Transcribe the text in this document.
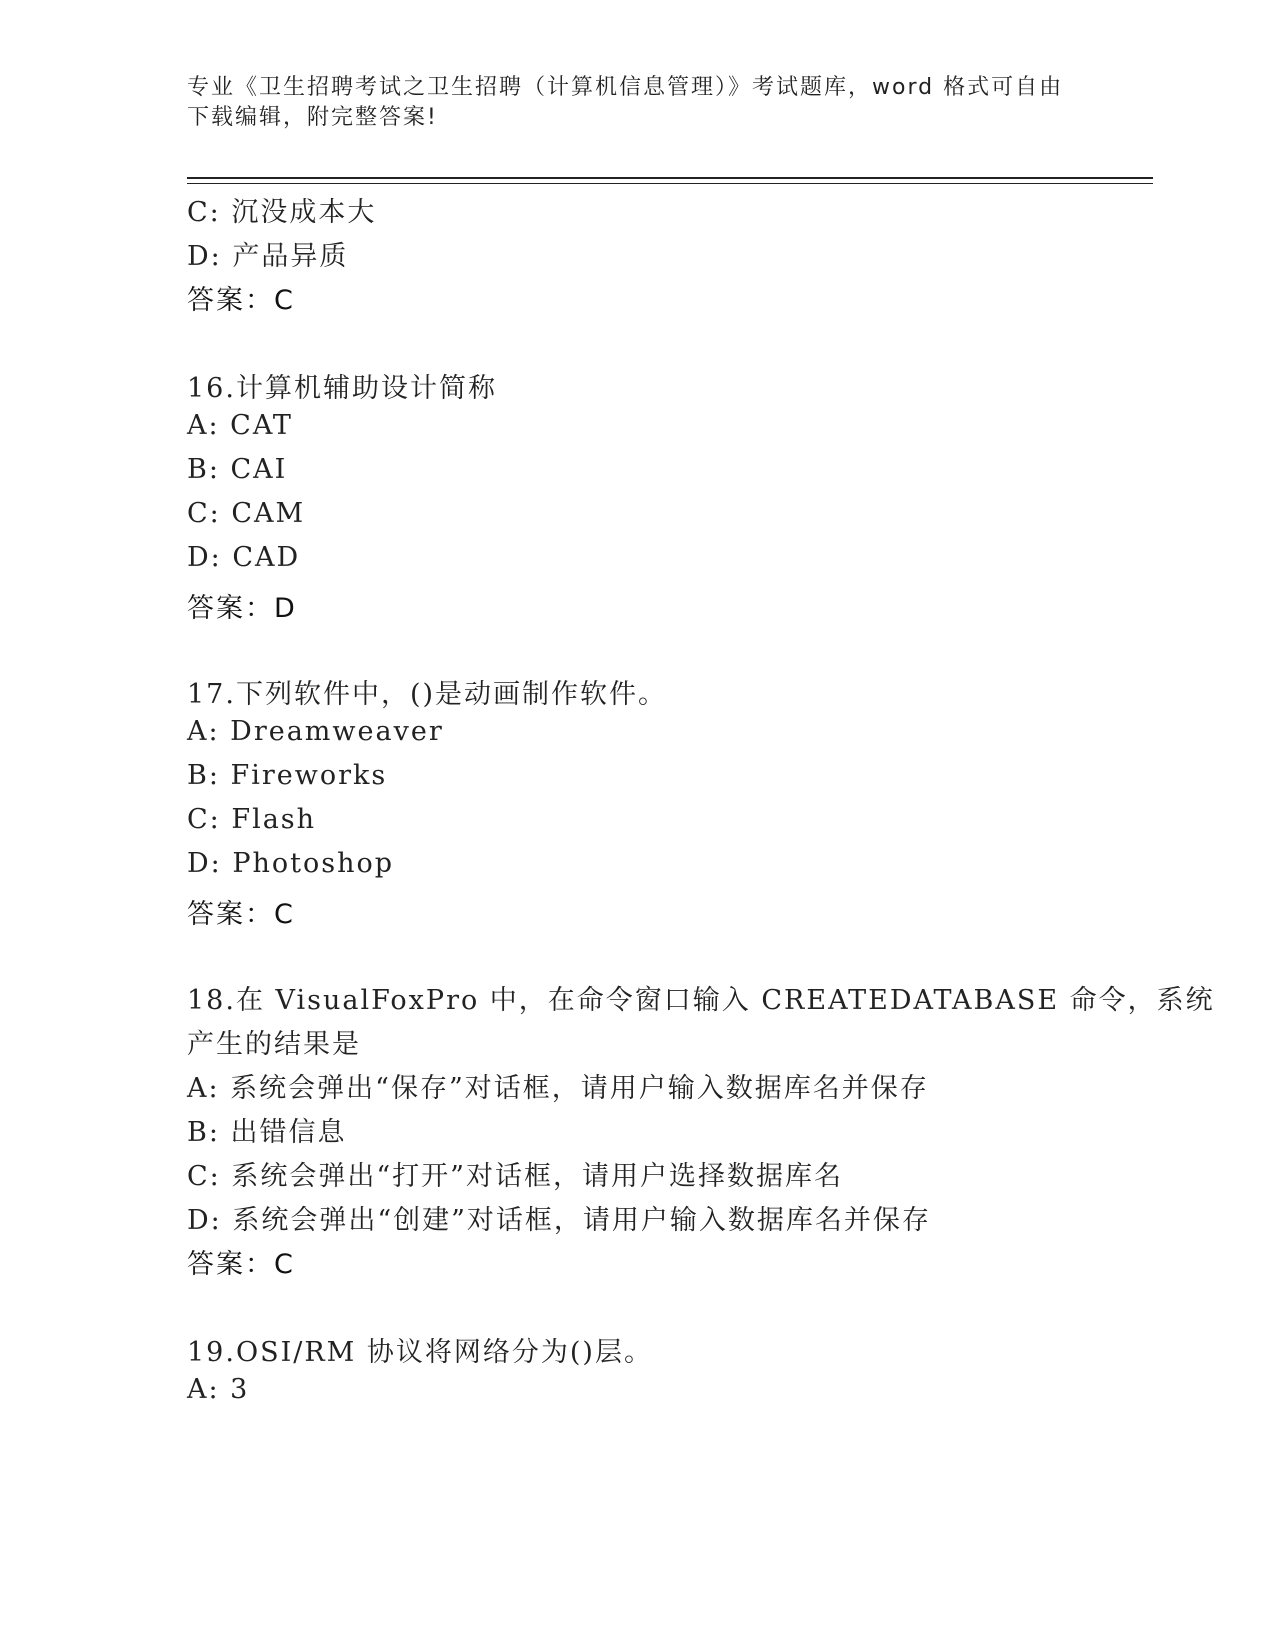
专业《卫生招聘考试之卫生招聘（计算机信息管理）》考试题库，word 格式可自由下载编辑，附完整答案!
C: 沉没成本大
D: 产品异质
答案：C
16.计算机辅助设计简称
A: CAT
B: CAI
C: CAM
D: CAD
答案：D
17.下列软件中，()是动画制作软件。
A: Dreamweaver
B: Fireworks
C: Flash
D: Photoshop
答案：C
18.在 VisualFoxPro 中，在命令窗口输入 CREATEDATABASE 命令，系统
产生的结果是
A: 系统会弹出“保存”对话框，请用户输入数据库名并保存
B: 出错信息
C: 系统会弹出“打开”对话框，请用户选择数据库名
D: 系统会弹出“创建”对话框，请用户输入数据库名并保存
答案：C
19.OSI/RM 协议将网络分为()层。
A: 3
